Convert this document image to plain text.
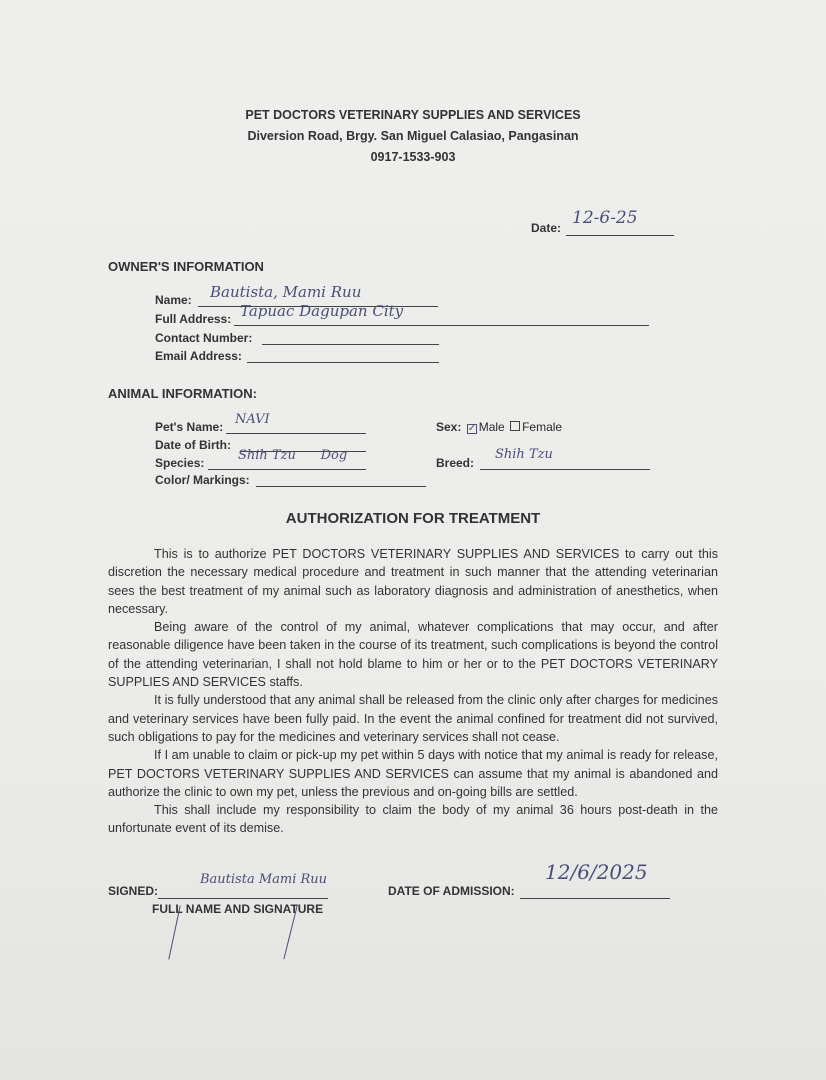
PET DOCTORS VETERINARY SUPPLIES AND SERVICES
Diversion Road, Brgy. San Miguel Calasiao, Pangasinan
0917-1533-903
Date: 12-6-25
OWNER'S INFORMATION
Name: Bautista, Mami Ruu
Full Address: Tapuac Dagupan City
Contact Number:
Email Address:
ANIMAL INFORMATION:
Pet's Name: NAVI
Date of Birth:
Species:	Shih Tzu      Dog
Color/ Markings:
Sex: ✓ Male Female
Breed:
Shih Tzu
AUTHORIZATION FOR TREATMENT

This is to authorize PET DOCTORS VETERINARY SUPPLIES AND SERVICES to carry out this discretion the necessary medical procedure and treatment in such manner that the attending veterinarian sees the best treatment of my animal such as laboratory diagnosis and administration of anesthetics, when necessary.

Being aware of the control of my animal, whatever complications that may occur, and after reasonable diligence have been taken in the course of its treatment, such complications is beyond the control of the attending veterinarian, I shall not hold blame to him or her or to the PET DOCTORS VETERINARY SUPPLIES AND SERVICES staffs.

It is fully understood that any animal shall be released from the clinic only after charges for medicines and veterinary services have been fully paid. In the event the animal confined for treatment did not survived, such obligations to pay for the medicines and veterinary services shall not cease.

If I am unable to claim or pick-up my pet within 5 days with notice that my animal is ready for release, PET DOCTORS VETERINARY SUPPLIES AND SERVICES can assume that my animal is abandoned and authorize the clinic to own my pet, unless the previous and on-going bills are settled.

This shall include my responsibility to claim the body of my animal 36 hours post-death in the unfortunate event of its demise.

SIGNED:
FULL NAME AND SIGNATURE
Bautista Mami Ruu
DATE OF ADMISSION:
12/6/2025
